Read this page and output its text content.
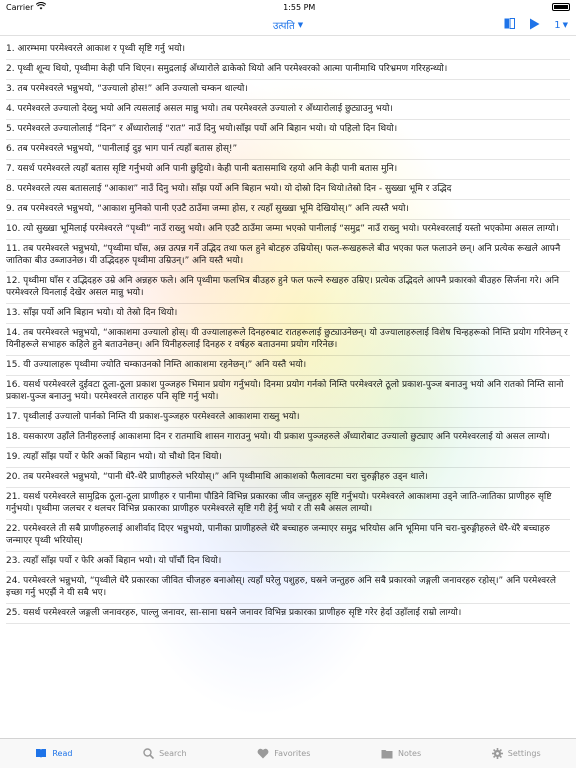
Carrier	1:55 PM
उत्पति ▼	1 ▼
1. आरम्भमा परमेश्वरले आकाश र पृथ्वी सृष्टि गर्नु भयो।
2. पृथ्वी शून्य थियो, पृथ्वीमा केही पनि थिएन। समुद्रलाई अँध्यारोले ढाकेको थियो अनि परमेश्वरको आत्मा पानीमाथि परिभ्रमण गरिरहन्थ्यो।
3. तब परमेश्वरले भन्नुभयो, “उज्यालो होस!” अनि उज्यालो चम्कन थाल्यो।
4. परमेश्वरले उज्यालो देख्नु भयो अनि त्यसलाई असल मान्नु भयो। तब परमेश्वरले उज्यालो र अँध्यारोलाई छुट्याउनु भयो।
5. परमेश्वरले उज्यालोलाई “दिन” र अँध्यारोलाई “रात” नाउँ दिनु भयो।साँझ पर्यो अनि बिहान भयो। यो पहिलो दिन थियो।
6. तब परमेश्वरले भन्नुभयो, “पानीलाई दुइ भाग पार्न त्यहाँ बतास होस्!”
7. यसर्थ परमेश्वरले त्यहाँ बतास सृष्टि गर्नुभयो अनि पानी छुट्टियो। केही पानी बतासमाथि रहयो अनि केही पानी बतास मुनि।
8. परमेश्वरले त्यस बतासलाई “आकाश” नाउँ दिनु भयो। साँझ पर्यो अनि बिहान भयो। यो दोस्रो दिन थियो।तेस्रो दिन - सुख्खा भूमि र उद्भिद
9. तब परमेश्वरले भन्नुभयो, “आकाश मुनिको पानी एउटै ठाउँमा जम्मा होस, र त्यहाँ सुख्खा भूमि देखियोस्।” अनि त्यस्तै भयो।
10. त्यो सुख्खा भूमिलाई परमेश्वरले “पृथ्वी” नाउँ राख्नु भयो। अनि एउटै ठाउँमा जम्मा भएको पानीलाई “समुद्र” नाउँ राख्नु भयो। परमेश्वरलाई यस्तो भएकोमा असल लाग्यो।
11. तब परमेश्वरले भन्नुभयो, “पृथ्वीमा घाँस, अन्न उत्पन्न गर्ने उद्भिद तथा फल हुने बोटहरु उम्रियोस्। फल-रूखहरूले बीउ भएका फल फलाउने छन्। अनि प्रत्येक रूखले आफ्नै जातिका बीउ उब्जाउनेछ। यी उद्भिदहरु पृथ्वीमा उम्रिउन्।” अनि यस्तै भयो।
12. पृथ्वीमा घाँस र उद्भिदहरु उम्रे अनि अन्नहरु फले। अनि पृथ्वीमा फलभित्र बीउहरु हुने फल फल्ने रुखहरु उम्रिए। प्रत्येक उद्भिदले आफ्नै प्रकारको बीउहरु सिर्जना गरे। अनि परमेश्वरले यिनलाई देखेर असल मान्नु भयो।
13. साँझ पर्यो अनि बिहान भयो। यो तेस्रो दिन थियो।
14. तब परमेश्वरले भन्नुभयो, “आकाशमा उज्यालो होस्। यी उज्यालाहरूले दिनहरुबाट रातहरूलाई छुट्याउनेछन्। यो उज्यालाहरुलाई विशेष चिन्हहरूको निम्ति प्रयोग गरिनेछन् र यिनीहरूले सभाहरु कहिले हुने बताउनेछन्। अनि यिनीहरुलाई दिनहरु र वर्षहरु बताउनमा प्रयोग गरिनेछ।
15. यी उज्यालाहरू पृथ्वीमा ज्योति चम्काउनको निम्ति आकाशमा रहनेछन्।” अनि यस्तै भयो।
16. यसर्थ परमेश्वरले दुईवटा ठूला-ठूला प्रकाश पुञ्जहरु भिमान प्रयोग गर्नुभयो। दिनमा प्रयोग गर्नको निम्ति परमेश्वरले ठूलो प्रकाश-पुञ्ज बनाउनु भयो अनि रातको निम्ति सानो प्रकाश-पुञ्ज बनाउनु भयो। परमेश्वरले ताराहरु पनि सृष्टि गर्नु भयो।
17. पृथ्वीलाई उज्यालो पार्नको निम्ति यी प्रकाश-पुञ्जहरु परमेश्वरले आकाशमा राख्नु भयो।
18. यसकारण उहाँले तिनीहरुलाई आकाशमा दिन र रातमाथि शासन गाराउनु भयो। यी प्रकाश पुञ्जहरुले अँध्यारोबाट उज्यालो छुट्याए अनि परमेश्वरलाई यो असल लाग्यो।
19. त्यहाँ साँझ पर्यो र फेरि अर्को बिहान भयो। यो चौथो दिन थियो।
20. तब परमेश्वरले भन्नुभयो, “पानी धेरै-धेरै प्राणीहरुले भरियोस्।” अनि पृथ्वीमाथि आकाशको फैलावटमा चरा चुरुङ्गीहरु उड्न थाले।
21. यसर्थ परमेश्वरले सामुद्रिक ठूला-ठूला प्राणीहरु र पानीमा पौडिने विभिन्न प्रकारका जीव जन्तुहरु सृष्टि गर्नुभयो। परमेश्वरले आकाशमा उड्ने जाति-जातिका प्राणीहरु सृष्टि गर्नुभयो। पृथ्वीमा जलचर र थलचर विभिन्न प्रकारका प्राणीहरु परमेश्वरले सृष्टि गरी हेर्नु भयो र ती सबै असल लाग्यो।
22. परमेश्वरले ती सबै प्राणीहरुलाई आशीर्वाद दिएर भन्नुभयो, पानीका प्राणीहरुले धेरै बच्चाहरु जन्माएर समुद्र भरियोस अनि भूमिमा पनि चरा-चुरुङ्गीहरुले धेरै-धेरै बच्चाहरु जन्माएर पृथ्वी भरियोस्।
23. त्यहाँ साँझ पर्यो र फेरि अर्को बिहान भयो। यो पाँचौं दिन थियो।
24. परमेश्वरले भन्नुभयो, “पृथ्वीले धेरै प्रकारका जीवित चीजहरु बनाओस्। त्यहाँ घरेलु पशुहरु, घस्रने जन्तुहरु अनि सबै प्रकारको जङ्गली जनावरहरु रहोस्।” अनि परमेश्वरले इच्छा गर्नु भएझैं ने यी सबै भए।
25. यसर्थ परमेश्वरले जङ्गली जनावरहरु, पाल्लु जनावर, सा-साना घस्रने जनावर विभिन्न प्रकारका प्राणीहरु सृष्टि गरेर हेर्दा उहाँलाई राम्रो लाग्यो।
Read	Search	Favorites	Notes	Settings
